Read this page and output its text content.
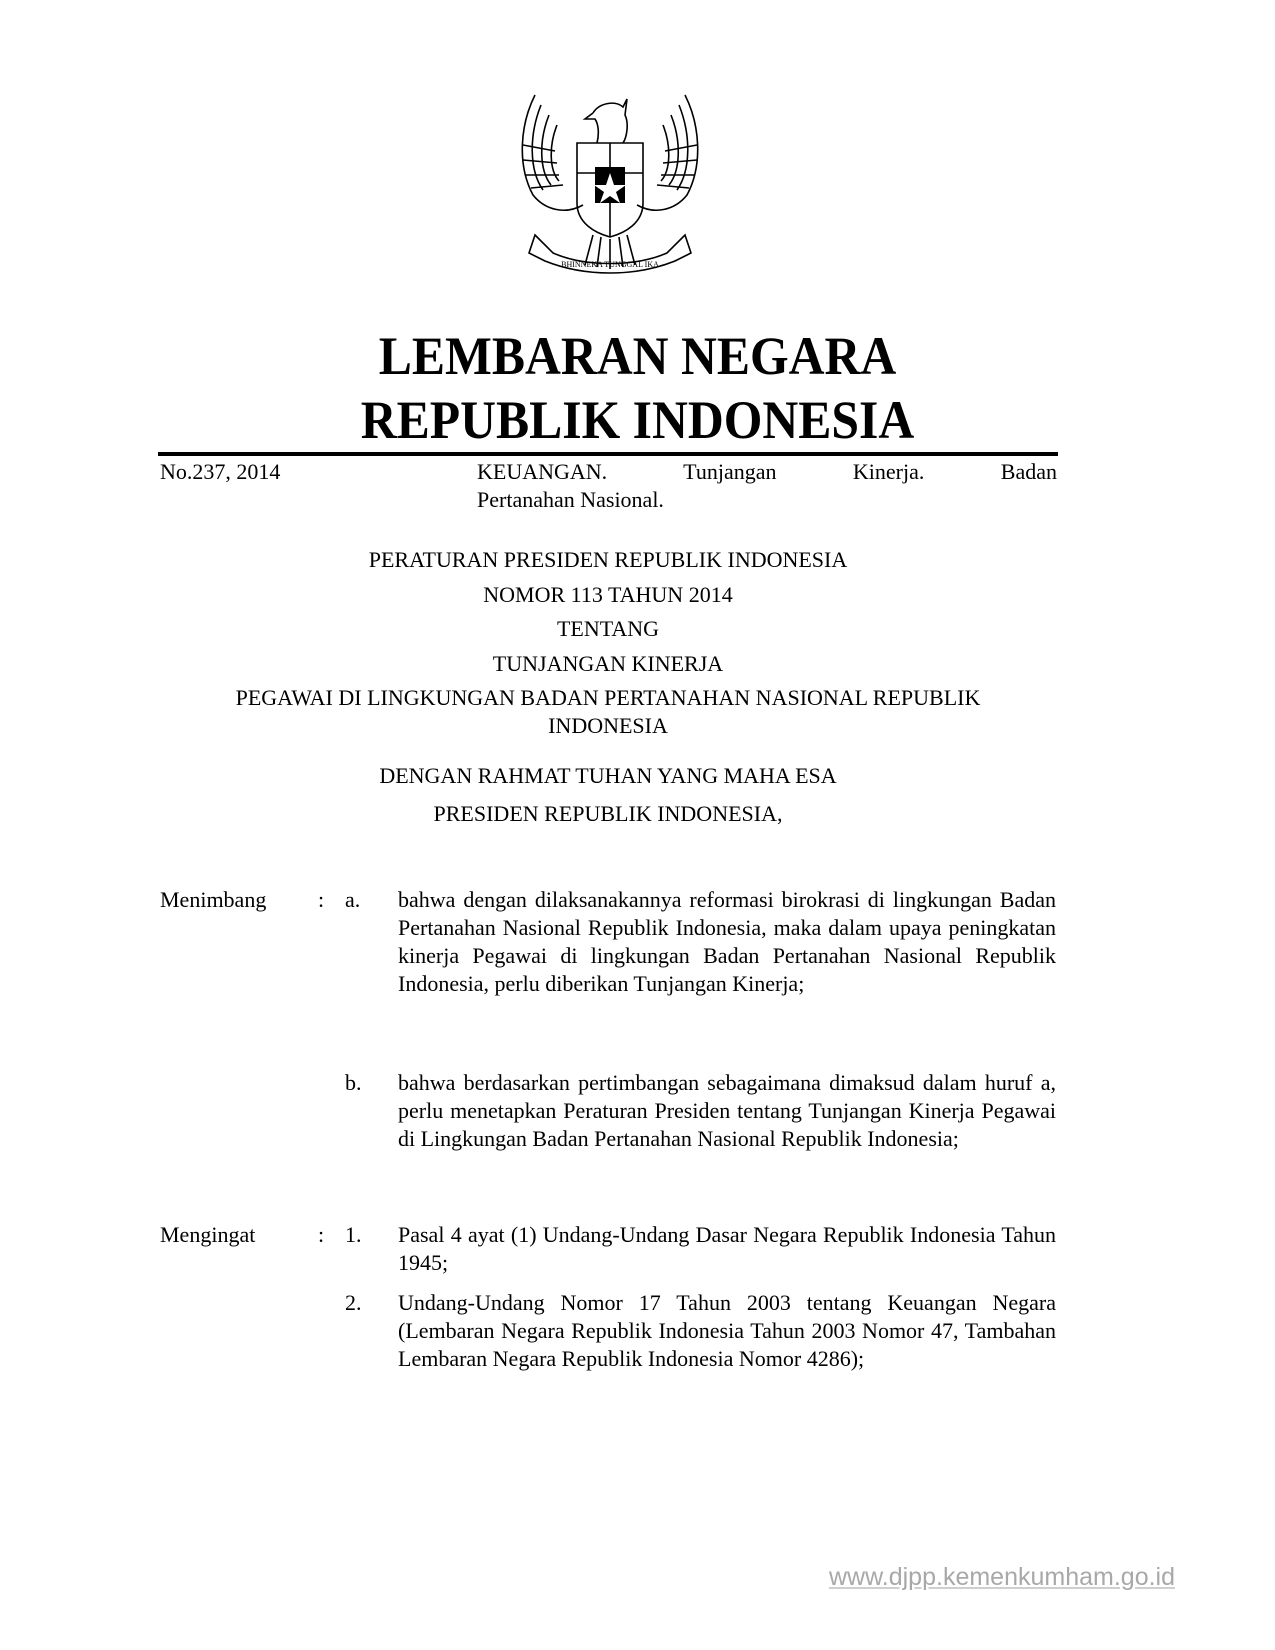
BHINNEKA TUNGGAL IKA
LEMBARAN NEGARA
REPUBLIK INDONESIA
No.237, 2014	KEUANGAN. Tunjangan Kinerja. Badan
Pertanahan Nasional.
PERATURAN PRESIDEN REPUBLIK INDONESIA
NOMOR 113 TAHUN 2014
TENTANG
TUNJANGAN KINERJA
PEGAWAI DI LINGKUNGAN BADAN PERTANAHAN NASIONAL REPUBLIK
INDONESIA
DENGAN RAHMAT TUHAN YANG MAHA ESA
PRESIDEN REPUBLIK INDONESIA,
Menimbang : a. bahwa dengan dilaksanakannya reformasi birokrasi di lingkungan Badan Pertanahan Nasional Republik Indonesia, maka dalam upaya peningkatan kinerja Pegawai di lingkungan Badan Pertanahan Nasional Republik Indonesia, perlu diberikan Tunjangan Kinerja;
b. bahwa berdasarkan pertimbangan sebagaimana dimaksud dalam huruf a, perlu menetapkan Peraturan Presiden tentang Tunjangan Kinerja Pegawai di Lingkungan Badan Pertanahan Nasional Republik Indonesia;
Mengingat	: 1. Pasal 4 ayat (1) Undang-Undang Dasar Negara Republik Indonesia Tahun 1945;
2. Undang-Undang Nomor 17 Tahun 2003 tentang Keuangan Negara (Lembaran Negara Republik Indonesia Tahun 2003 Nomor 47, Tambahan Lembaran Negara Republik Indonesia Nomor 4286);
www.djpp.kemenkumham.go.id
